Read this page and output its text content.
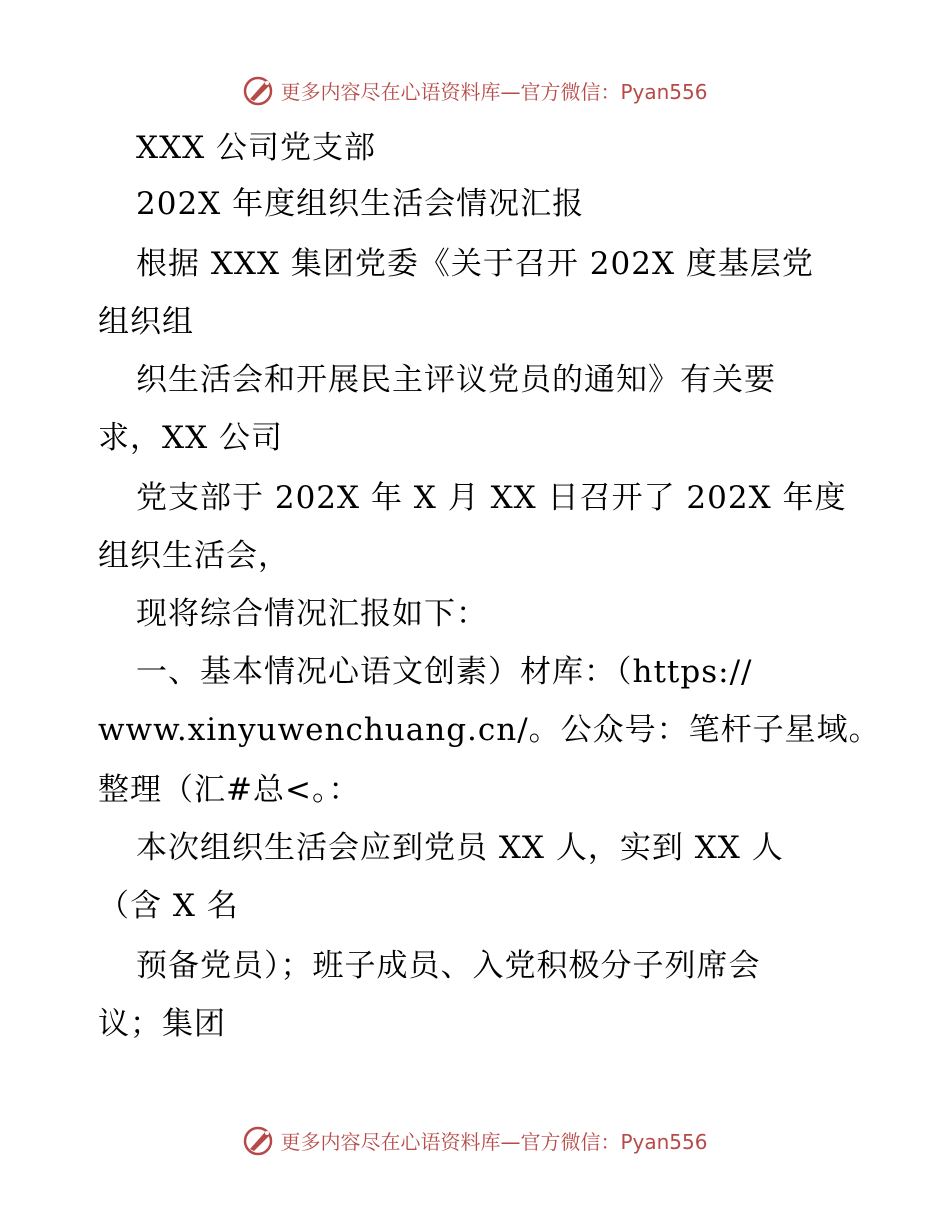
更多内容尽在心语资料库—官方微信：Pyan556
XXX 公司党支部
202X 年度组织生活会情况汇报
根据 XXX 集团党委《关于召开 202X 度基层党
组织组
织生活会和开展民主评议党员的通知》有关要
求，XX 公司
党支部于 202X 年 X 月 XX 日召开了 202X 年度
组织生活会，
现将综合情况汇报如下：
一、基本情况心语文创素）材库：（https://
www.xinyuwenchuang.cn/。公众号：笔杆子星域。
整理（汇#总<。：
本次组织生活会应到党员 XX 人，实到 XX 人
（含 X 名
预备党员）；班子成员、入党积极分子列席会
议；集团
更多内容尽在心语资料库—官方微信：Pyan556
